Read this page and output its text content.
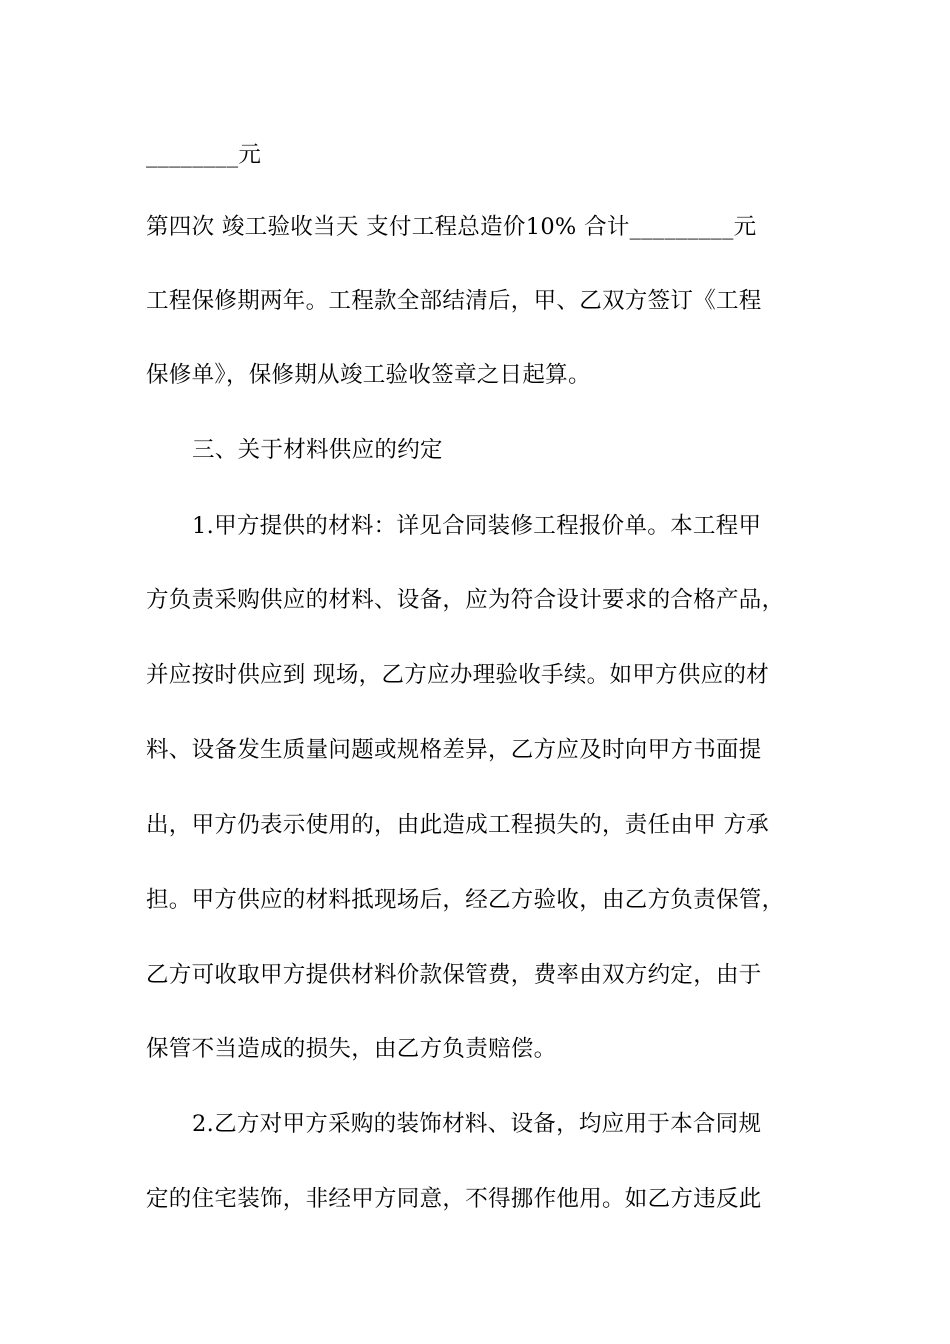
________元
第四次 竣工验收当天 支付工程总造价10% 合计_________元
工程保修期两年。工程款全部结清后，甲、乙双方签订《工程
保修单》，保修期从竣工验收签章之日起算。
三、关于材料供应的约定
1.甲方提供的材料：详见合同装修工程报价单。本工程甲
方负责采购供应的材料、设备，应为符合设计要求的合格产品，
并应按时供应到 现场，乙方应办理验收手续。如甲方供应的材
料、设备发生质量问题或规格差异，乙方应及时向甲方书面提
出，甲方仍表示使用的，由此造成工程损失的，责任由甲 方承
担。甲方供应的材料抵现场后，经乙方验收，由乙方负责保管，
乙方可收取甲方提供材料价款保管费，费率由双方约定，由于
保管不当造成的损失，由乙方负责赔偿。
2.乙方对甲方采购的装饰材料、设备，均应用于本合同规
定的住宅装饰，非经甲方同意，不得挪作他用。如乙方违反此
